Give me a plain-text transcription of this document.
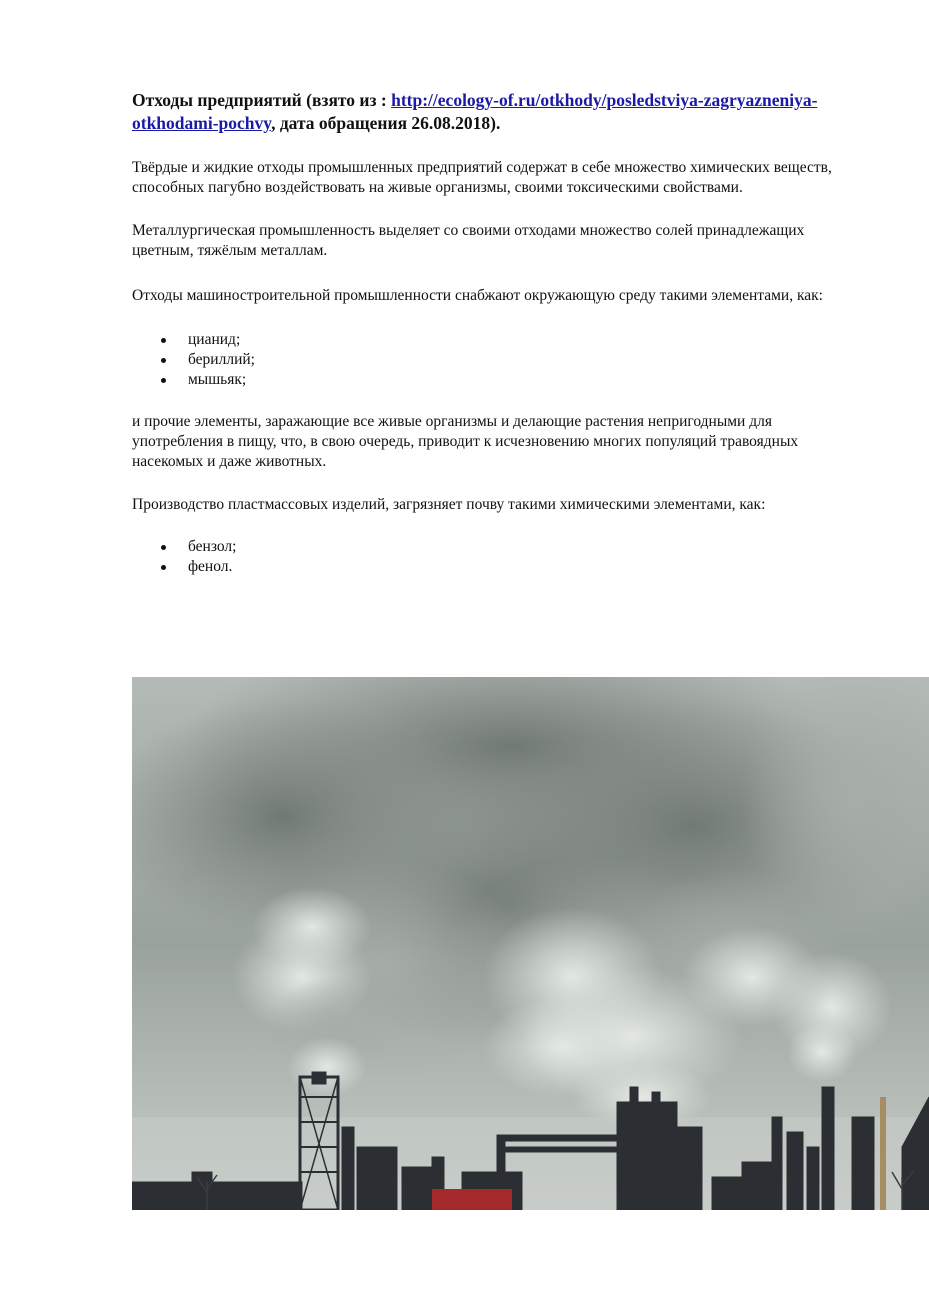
Отходы предприятий (взято из : http://ecology-of.ru/otkhody/posledstviya-zagryazneniya-otkhodami-pochvy, дата обращения 26.08.2018).

Твёрдые и жидкие отходы промышленных предприятий содержат в себе множество химических веществ, способных пагубно воздействовать на живые организмы, своими токсическими свойствами.

Металлургическая промышленность выделяет со своими отходами множество солей принадлежащих цветным, тяжёлым металлам.

Отходы машиностроительной промышленности снабжают окружающую среду такими элементами, как:

цианид;
бериллий;
мышьяк;

и прочие элементы, заражающие все живые организмы и делающие растения непригодными для употребления в пищу, что, в свою очередь, приводит к исчезновению многих популяций травоядных насекомых и даже животных.

Производство пластмассовых изделий, загрязняет почву такими химическими элементами, как:

бензол;
фенол.
